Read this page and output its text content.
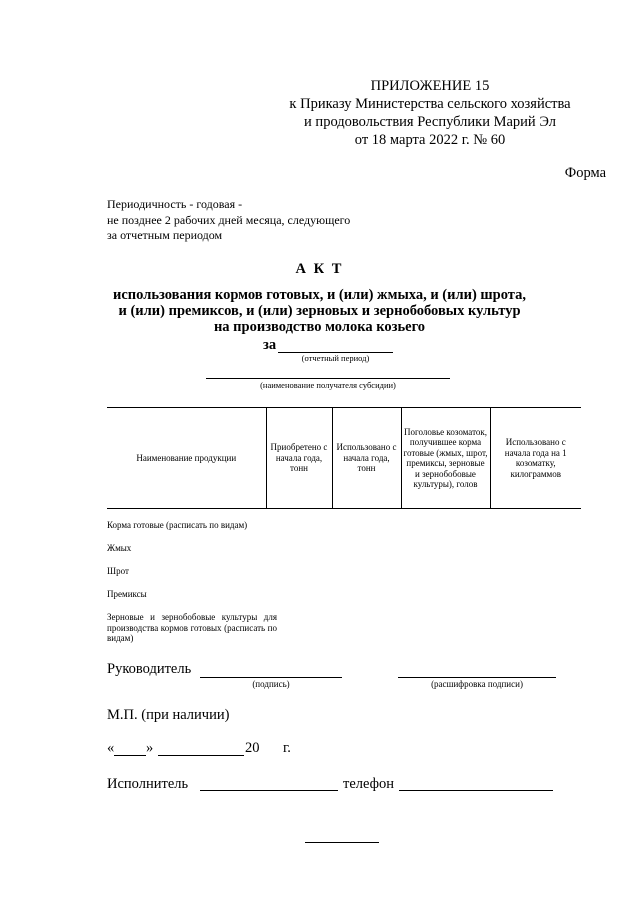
ПРИЛОЖЕНИЕ 15
к Приказу Министерства сельского хозяйства
и продовольствия Республики Марий Эл
от 18 марта 2022 г. № 60
Форма
Периодичность - годовая -
не позднее 2 рабочих дней месяца, следующего
за отчетным периодом
А К Т
использования кормов готовых, и (или) жмыха, и (или) шрота,
и (или) премиксов, и (или) зерновых и зернобобовых культур
на производство молока козьего
за
(отчетный период)
(наименование получателя субсидии)
Наименование продукции	Приобретено с начала года, тонн	Использовано с начала года, тонн	Поголовье козоматок, получившее корма готовые (жмых, шрот, премиксы, зерновые и зернобобовые культуры), голов	Использовано с начала года на 1 козоматку, килограммов
Корма готовые (расписать по видам)
Жмых
Шрот
Премиксы
Зерновые и зернобобовые культуры для производства кормов готовых (расписать по видам)
Руководитель
(подпись)	(расшифровка подписи)
М.П. (при наличии)
« »	20 г.
Исполнитель	телефон
